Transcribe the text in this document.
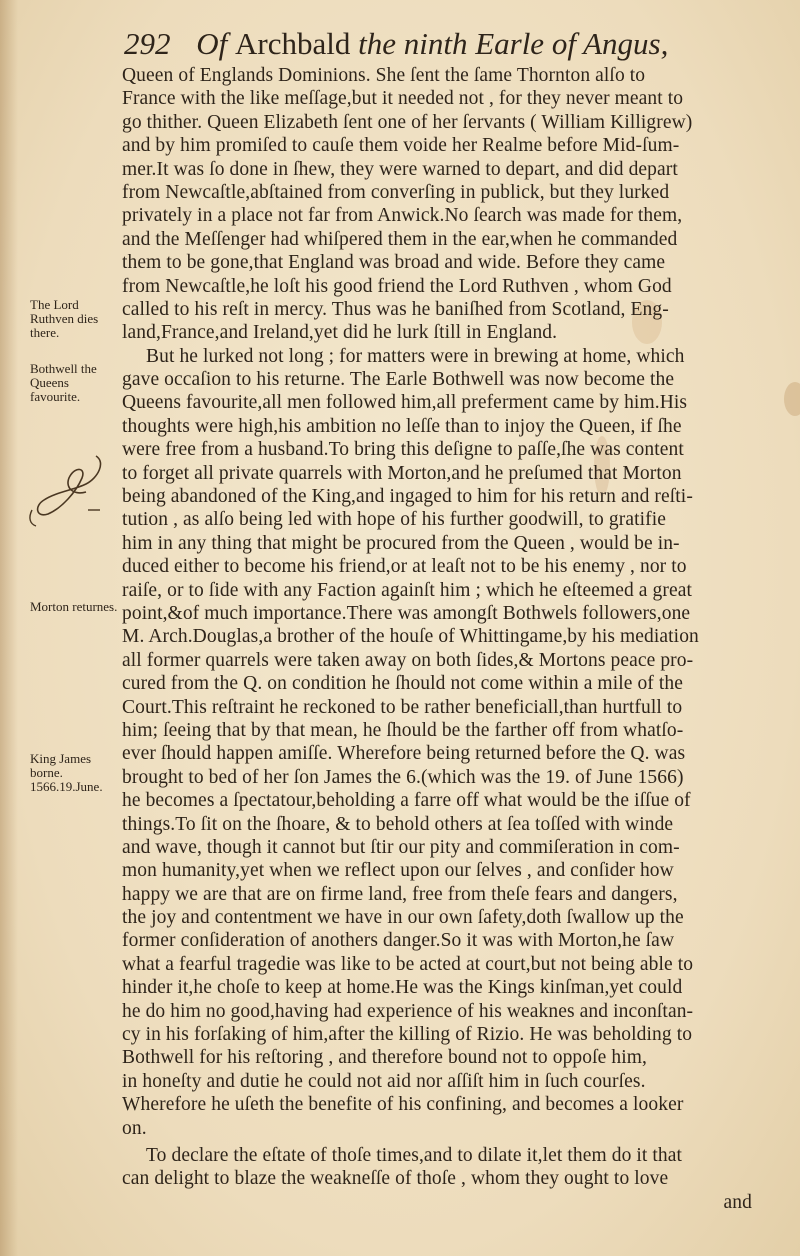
292 Of Archbald the ninth Earle of Angus,
Queen of Englands Dominions. She ſent the ſame Thornton alſo to
France with the like meſſage,but it needed not , for they never meant to
go thither. Queen Elizabeth ſent one of her ſervants ( William Killigrew)
and by him promiſed to cauſe them voide her Realme before Mid-ſum-
mer.It was ſo done in ſhew, they were warned to depart, and did depart
from Newcaſtle,abſtained from converſing in publick, but they lurked
privately in a place not far from Anwick.No ſearch was made for them,
and the Meſſenger had whiſpered them in the ear,when he commanded
them to be gone,that England was broad and wide. Before they came
from Newcaſtle,he loſt his good friend the Lord Ruthven , whom God
called to his reſt in mercy. Thus was he baniſhed from Scotland, Eng-
land,France,and Ireland,yet did he lurk ſtill in England.
But he lurked not long ; for matters were in brewing at home, which
gave occaſion to his returne. The Earle Bothwell was now become the
Queens favourite,all men followed him,all preferment came by him.His
thoughts were high,his ambition no leſſe than to injoy the Queen, if ſhe
were free from a husband.To bring this deſigne to paſſe,ſhe was content
to forget all private quarrels with Morton,and he preſumed that Morton
being abandoned of the King,and ingaged to him for his return and reſti-
tution , as alſo being led with hope of his further goodwill, to gratifie
him in any thing that might be procured from the Queen , would be in-
duced either to become his friend,or at leaſt not to be his enemy , nor to
raiſe, or to ſide with any Faction againſt him ; which he eſteemed a great
point,&of much importance.There was amongſt Bothwels followers,one
M. Arch.Douglas,a brother of the houſe of Whittingame,by his mediation
all former quarrels were taken away on both ſides,& Mortons peace pro-
cured from the Q. on condition he ſhould not come within a mile of the
Court.This reſtraint he reckoned to be rather beneficiall,than hurtfull to
him; ſeeing that by that mean, he ſhould be the farther off from whatſo-
ever ſhould happen amiſſe. Wherefore being returned before the Q. was
brought to bed of her ſon James the 6.(which was the 19. of June 1566)
he becomes a ſpectatour,beholding a farre off what would be the iſſue of
things.To ſit on the ſhoare, & to behold others at ſea toſſed with winde
and wave, though it cannot but ſtir our pity and commiſeration in com-
mon humanity,yet when we reflect upon our ſelves , and conſider how
happy we are that are on firme land, free from theſe fears and dangers,
the joy and contentment we have in our own ſafety,doth ſwallow up the
former conſideration of anothers danger.So it was with Morton,he ſaw
what a fearful tragedie was like to be acted at court,but not being able to
hinder it,he choſe to keep at home.He was the Kings kinſman,yet could
he do him no good,having had experience of his weaknes and inconſtan-
cy in his forſaking of him,after the killing of Rizio. He was beholding to
Bothwell for his reſtoring , and therefore bound not to oppoſe him,
in honeſty and dutie he could not aid nor aſſiſt him in ſuch courſes.
Wherefore he uſeth the benefite of his confining, and becomes a looker
on.
To declare the eſtate of thoſe times,and to dilate it,let them do it that
can delight to blaze the weakneſſe of thoſe , whom they ought to love
and
The Lord Ruthven dies there.
Bothwell the Queens favourite.
Morton returnes.
King James borne. 1566.19.June.
